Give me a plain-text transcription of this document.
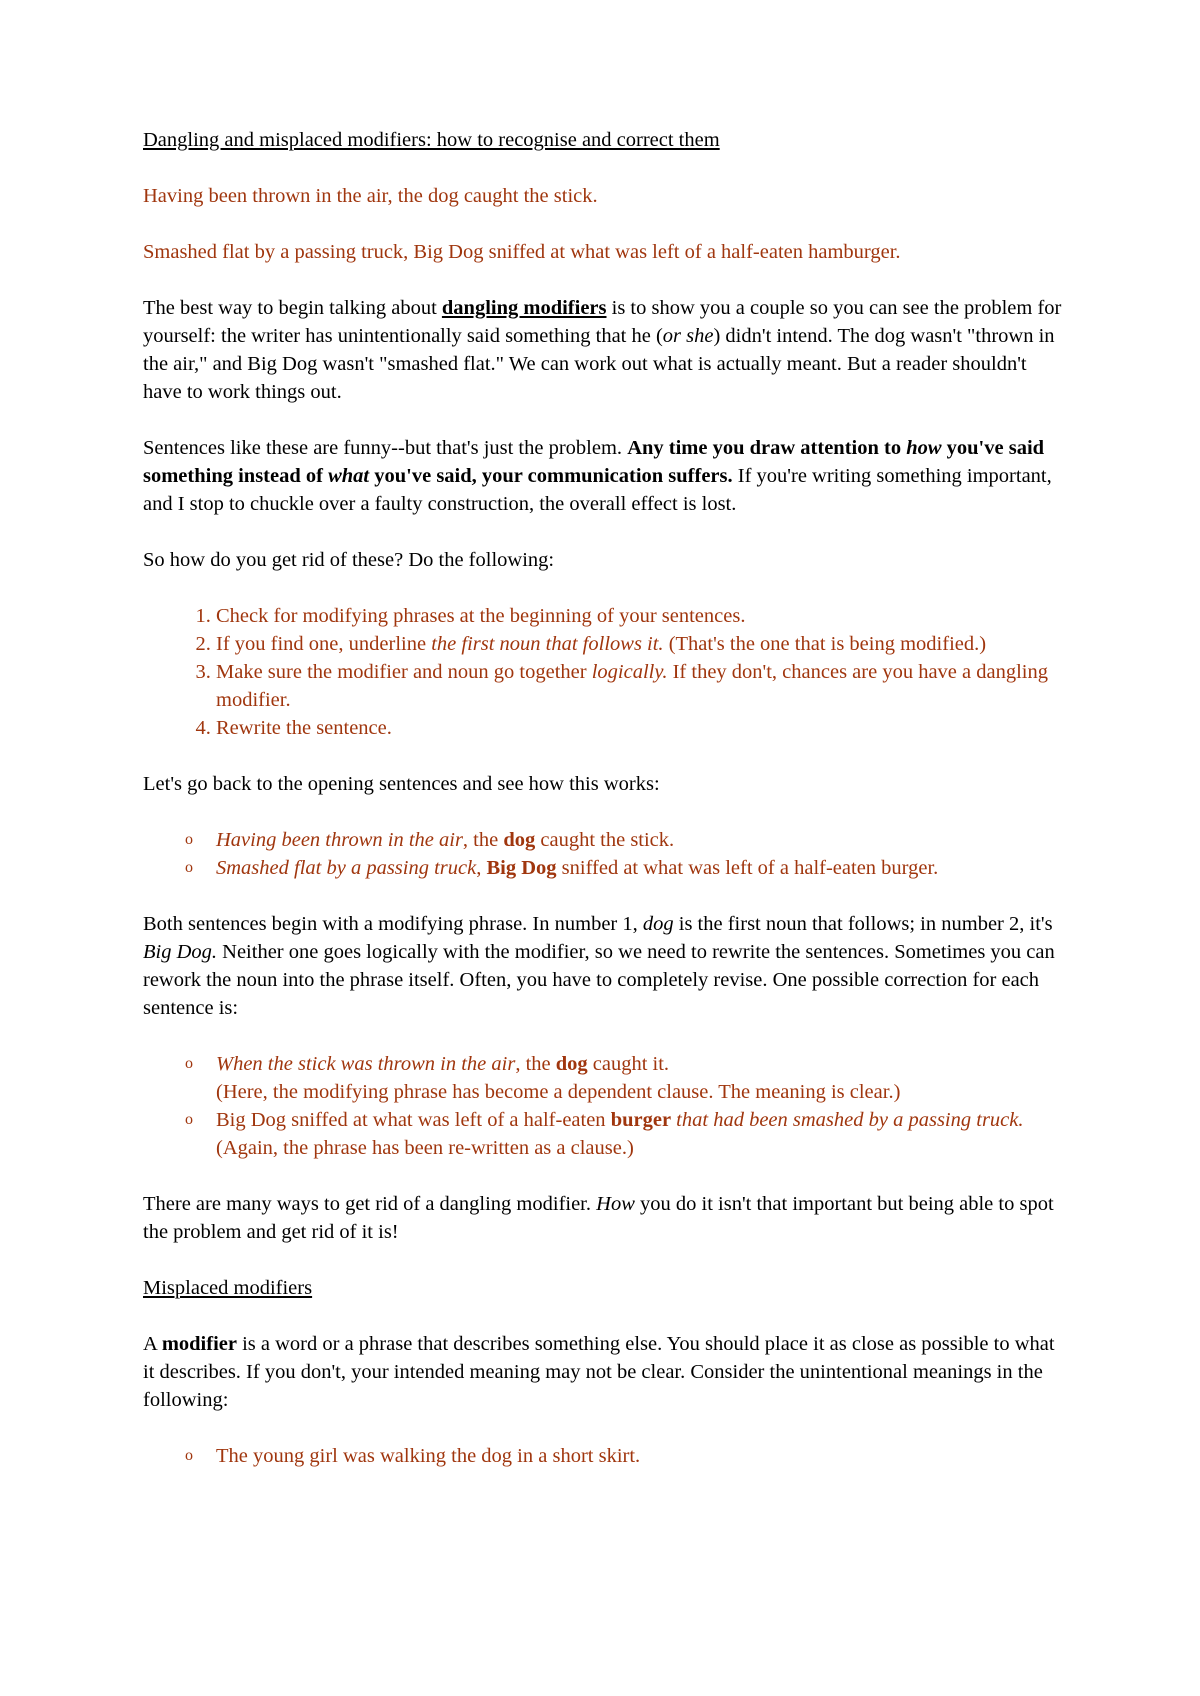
Dangling and misplaced modifiers: how to recognise and correct them

Having been thrown in the air, the dog caught the stick.

Smashed flat by a passing truck, Big Dog sniffed at what was left of a half-eaten hamburger.

The best way to begin talking about dangling modifiers is to show you a couple so you can see the problem for yourself: the writer has unintentionally said something that he (or she) didn't intend. The dog wasn't "thrown in the air," and Big Dog wasn't "smashed flat." We can work out what is actually meant. But a reader shouldn't have to work things out.

Sentences like these are funny--but that's just the problem. Any time you draw attention to how you've said something instead of what you've said, your communication suffers. If you're writing something important, and I stop to chuckle over a faulty construction, the overall effect is lost.

So how do you get rid of these? Do the following:

1. Check for modifying phrases at the beginning of your sentences.
2. If you find one, underline the first noun that follows it. (That's the one that is being modified.)
3. Make sure the modifier and noun go together logically. If they don't, chances are you have a dangling modifier.
4. Rewrite the sentence.

Let's go back to the opening sentences and see how this works:

o Having been thrown in the air, the dog caught the stick.
o Smashed flat by a passing truck, Big Dog sniffed at what was left of a half-eaten burger.

Both sentences begin with a modifying phrase. In number 1, dog is the first noun that follows; in number 2, it's Big Dog. Neither one goes logically with the modifier, so we need to rewrite the sentences. Sometimes you can rework the noun into the phrase itself. Often, you have to completely revise. One possible correction for each sentence is:

o When the stick was thrown in the air, the dog caught it.
(Here, the modifying phrase has become a dependent clause. The meaning is clear.)
o Big Dog sniffed at what was left of a half-eaten burger that had been smashed by a passing truck.
(Again, the phrase has been re-written as a clause.)

There are many ways to get rid of a dangling modifier. How you do it isn't that important but being able to spot the problem and get rid of it is!

Misplaced modifiers

A modifier is a word or a phrase that describes something else. You should place it as close as possible to what it describes. If you don't, your intended meaning may not be clear. Consider the unintentional meanings in the following:

o The young girl was walking the dog in a short skirt.
